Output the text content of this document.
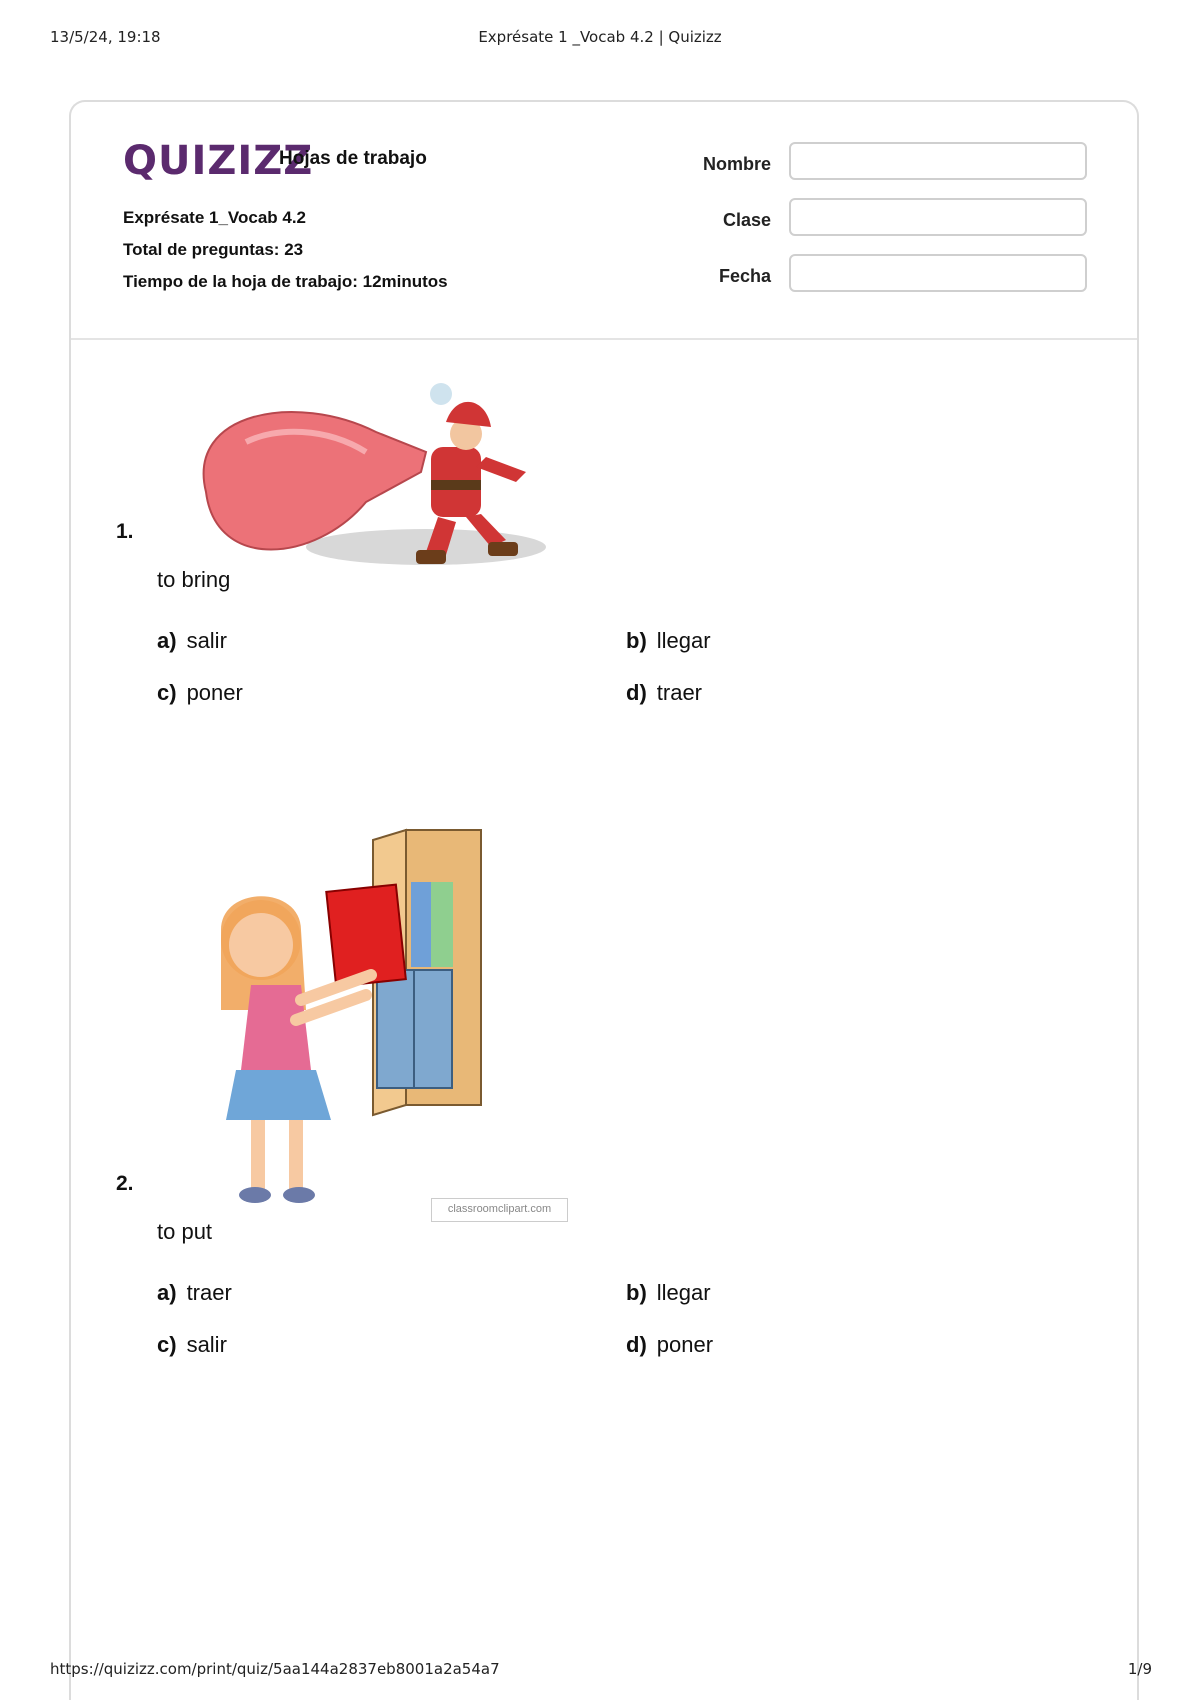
13/5/24, 19:18	Exprésate 1 _Vocab 4.2 | Quizizz
QUIZIZZ
Hojas de trabajo
Exprésate 1_Vocab 4.2
Total de preguntas: 23
Tiempo de la hoja de trabajo: 12minutos
Nombre
Clase
Fecha
1.
to bring
a) salir	b) llegar
c) poner	d) traer
classroomclipart.com
2.
to put
a) traer	b) llegar
c) salir	d) poner
https://quizizz.com/print/quiz/5aa144a2837eb8001a2a54a7	1/9
